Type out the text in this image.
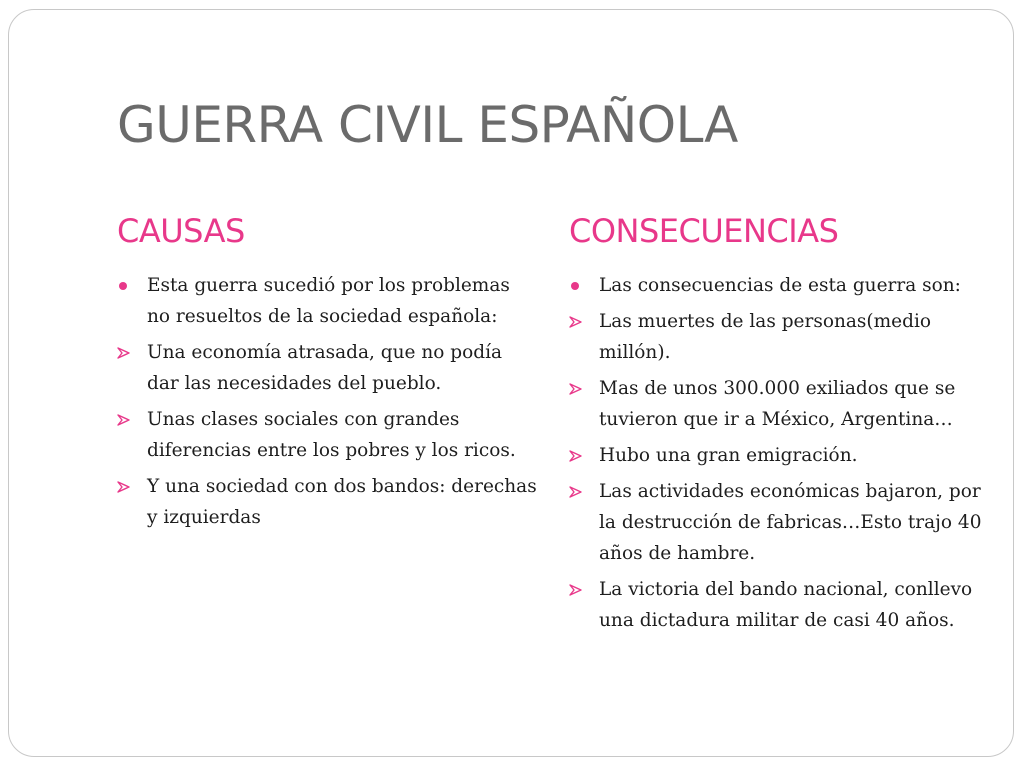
GUERRA CIVIL ESPAÑOLA
CAUSAS
Esta guerra sucedió por los problemas no resueltos de la sociedad española:
Una economía atrasada, que no podía dar las necesidades del pueblo.
Unas clases sociales con grandes diferencias entre los pobres y los ricos.
Y una sociedad con dos bandos: derechas y izquierdas
CONSECUENCIAS
Las consecuencias de esta guerra son:
Las muertes de las personas(medio millón).
Mas de unos 300.000 exiliados que se tuvieron que ir a México, Argentina…
Hubo una gran emigración.
Las actividades económicas bajaron, por la destrucción de fabricas…Esto trajo 40 años de hambre.
La victoria del bando nacional, conllevo una dictadura militar de casi 40 años.
